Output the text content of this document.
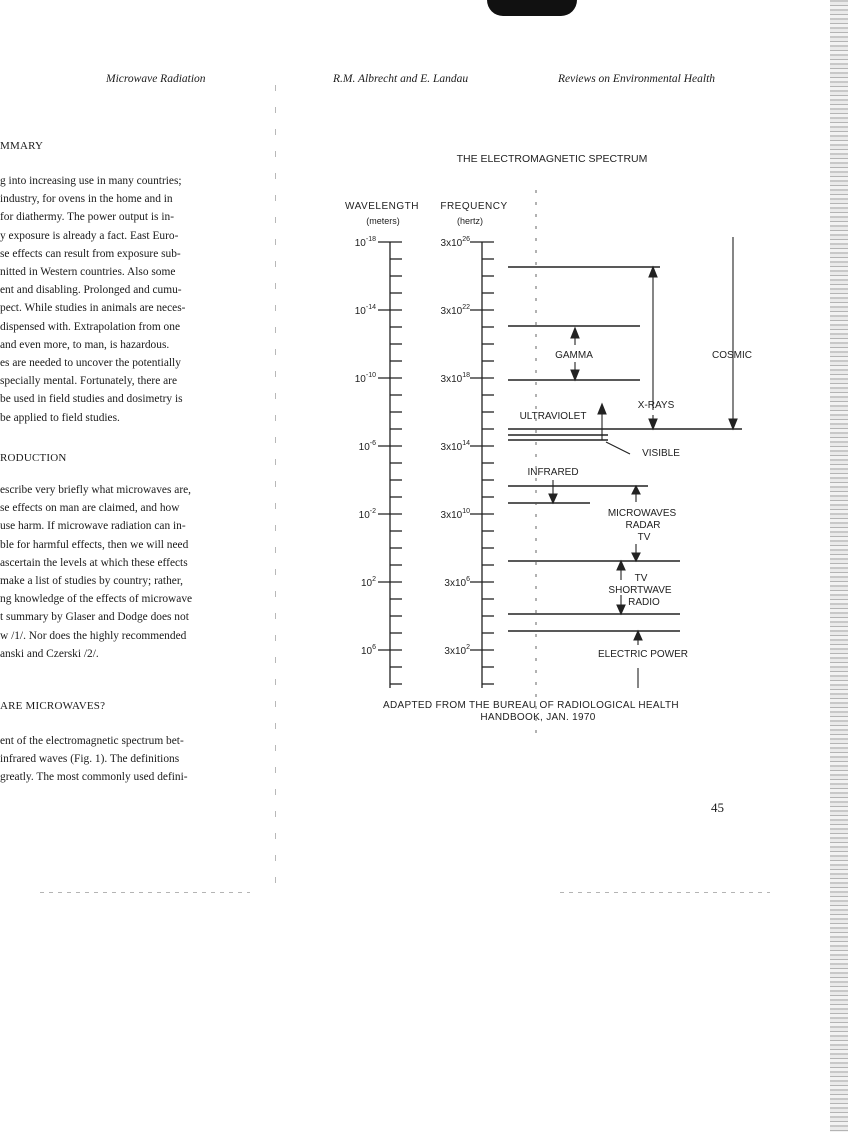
Microwave Radiation	R.M. Albrecht and E. Landau	Reviews on Environmental Health
MMARY

g into increasing use in many countries;

industry, for ovens in the home and in

for diathermy. The power output is in-

y exposure is already a fact. East Euro-

se effects can result from exposure sub-

nitted in Western countries. Also some

ent and disabling. Prolonged and cumu-

pect. While studies in animals are neces-

dispensed with. Extrapolation from one

and even more, to man, is hazardous.

es are needed to uncover the potentially

specially mental. Fortunately, there are

be used in field studies and dosimetry is

be applied to field studies.

RODUCTION

escribe very briefly what microwaves are,

se effects on man are claimed, and how

use harm. If microwave radiation can in-

ble for harmful effects, then we will need

ascertain the levels at which these effects

make a list of studies by country; rather,

ng knowledge of the effects of microwave

t summary by Glaser and Dodge does not

w /1/. Nor does the highly recommended

anski and Czerski /2/.

ARE MICROWAVES?

ent of the electromagnetic spectrum bet-

infrared waves (Fig. 1). The definitions

greatly. The most commonly used defini-

THE ELECTROMAGNETIC SPECTRUM
WAVELENGTH
(meters)
FREQUENCY
(hertz)
$10^{-18}$
$10^{-14}$
$10^{-10}$
$10^{-6}$
$10^{-2}$
$10^2$
$10^6$
$3x10^{26}$
$3x10^{22}$
$3x10^{18}$
$3x10^{14}$
$3x10^{10}$
$3x10^6$
$3x10^2$
GAMMA	COSMIC
X-RAYS
ULTRAVIOLET
VISIBLE
INFRARED
MICROWAVES
RADAR
TV
TV
SHORTWAVE
RADIO
ELECTRIC POWER
ADAPTED FROM THE BUREAU OF RADIOLOGICAL HEALTH
HANDBOOK, JAN. 1970
45
